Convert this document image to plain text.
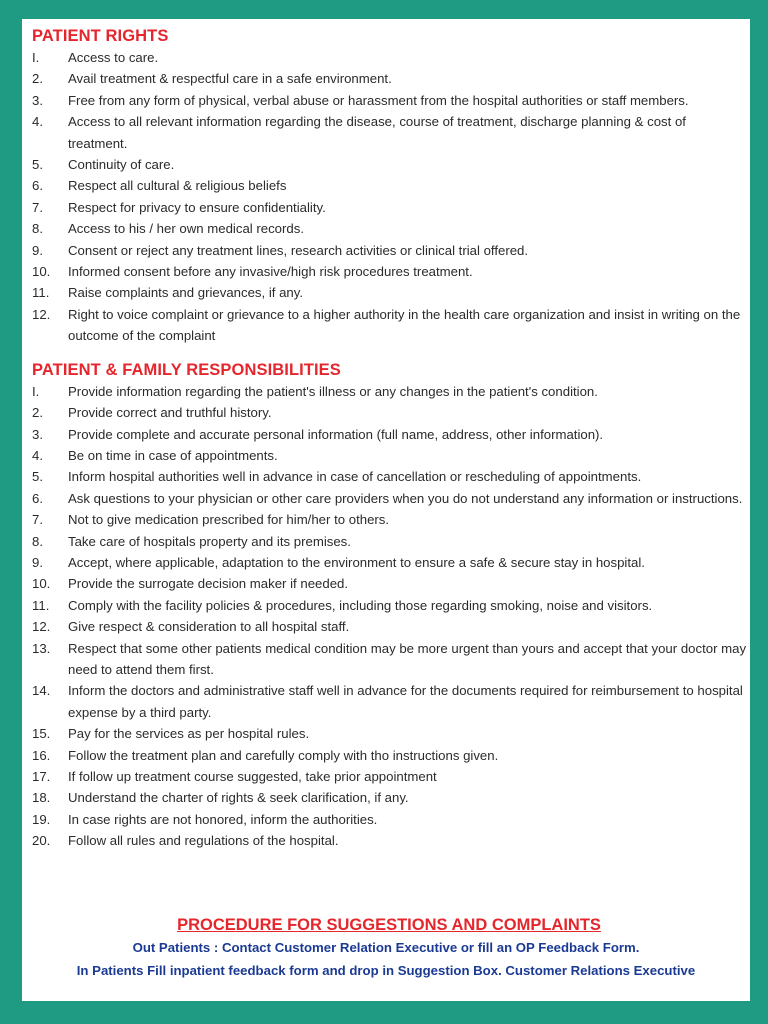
PATIENT RIGHTS
I.	Access to care.
2.	Avail treatment & respectful care in a safe environment.
3.	Free from any form of physical, verbal abuse or harassment from the hospital authorities or staff members.
4.	Access to all relevant information regarding the disease, course of treatment, discharge planning & cost of treatment.
5.	Continuity of care.
6.	Respect all cultural & religious beliefs
7.	Respect for privacy to ensure confidentiality.
8.	Access to his / her own medical records.
9.	Consent or reject any treatment lines, research activities or clinical trial offered.
10.	Informed consent before any invasive/high risk procedures treatment.
11.	Raise complaints and grievances, if any.
12.	Right to voice complaint or grievance to a higher authority in the health care organization and insist in writing on the outcome of the complaint
PATIENT & FAMILY RESPONSIBILITIES
I.	Provide information regarding the patient's illness or any changes in the patient's condition.
2.	Provide correct and truthful history.
3.	Provide complete and accurate personal information (full name, address, other information).
4.	Be on time in case of appointments.
5.	Inform hospital authorities well in advance in case of cancellation or rescheduling of appointments.
6.	Ask questions to your physician or other care providers when you do not understand any information or instructions.
7.	Not to give medication prescribed for him/her to others.
8.	Take care of hospitals property and its premises.
9.	Accept, where applicable, adaptation to the environment to ensure a safe & secure stay in hospital.
10.	Provide the surrogate decision maker if needed.
11.	Comply with the facility policies & procedures, including those regarding smoking, noise and visitors.
12.	Give respect & consideration to all hospital staff.
13.	Respect that some other patients medical condition may be more urgent than yours and accept that your doctor may need to attend them first.
14.	Inform the doctors and administrative staff well in advance for the documents required for reimbursement to hospital expense by a third party.
15.	Pay for the services as per hospital rules.
16.	Follow the treatment plan and carefully comply with tho instructions given.
17.	If follow up treatment course suggested, take prior appointment
18.	Understand the charter of rights & seek clarification, if any.
19.	In case rights are not honored, inform the authorities.
20.	Follow all rules and regulations of the hospital.
PROCEDURE FOR SUGGESTIONS AND COMPLAINTS

Out Patients : Contact Customer Relation Executive or fill an OP Feedback Form.

In Patients Fill inpatient feedback form and drop in Suggestion Box. Customer Relations Executive
